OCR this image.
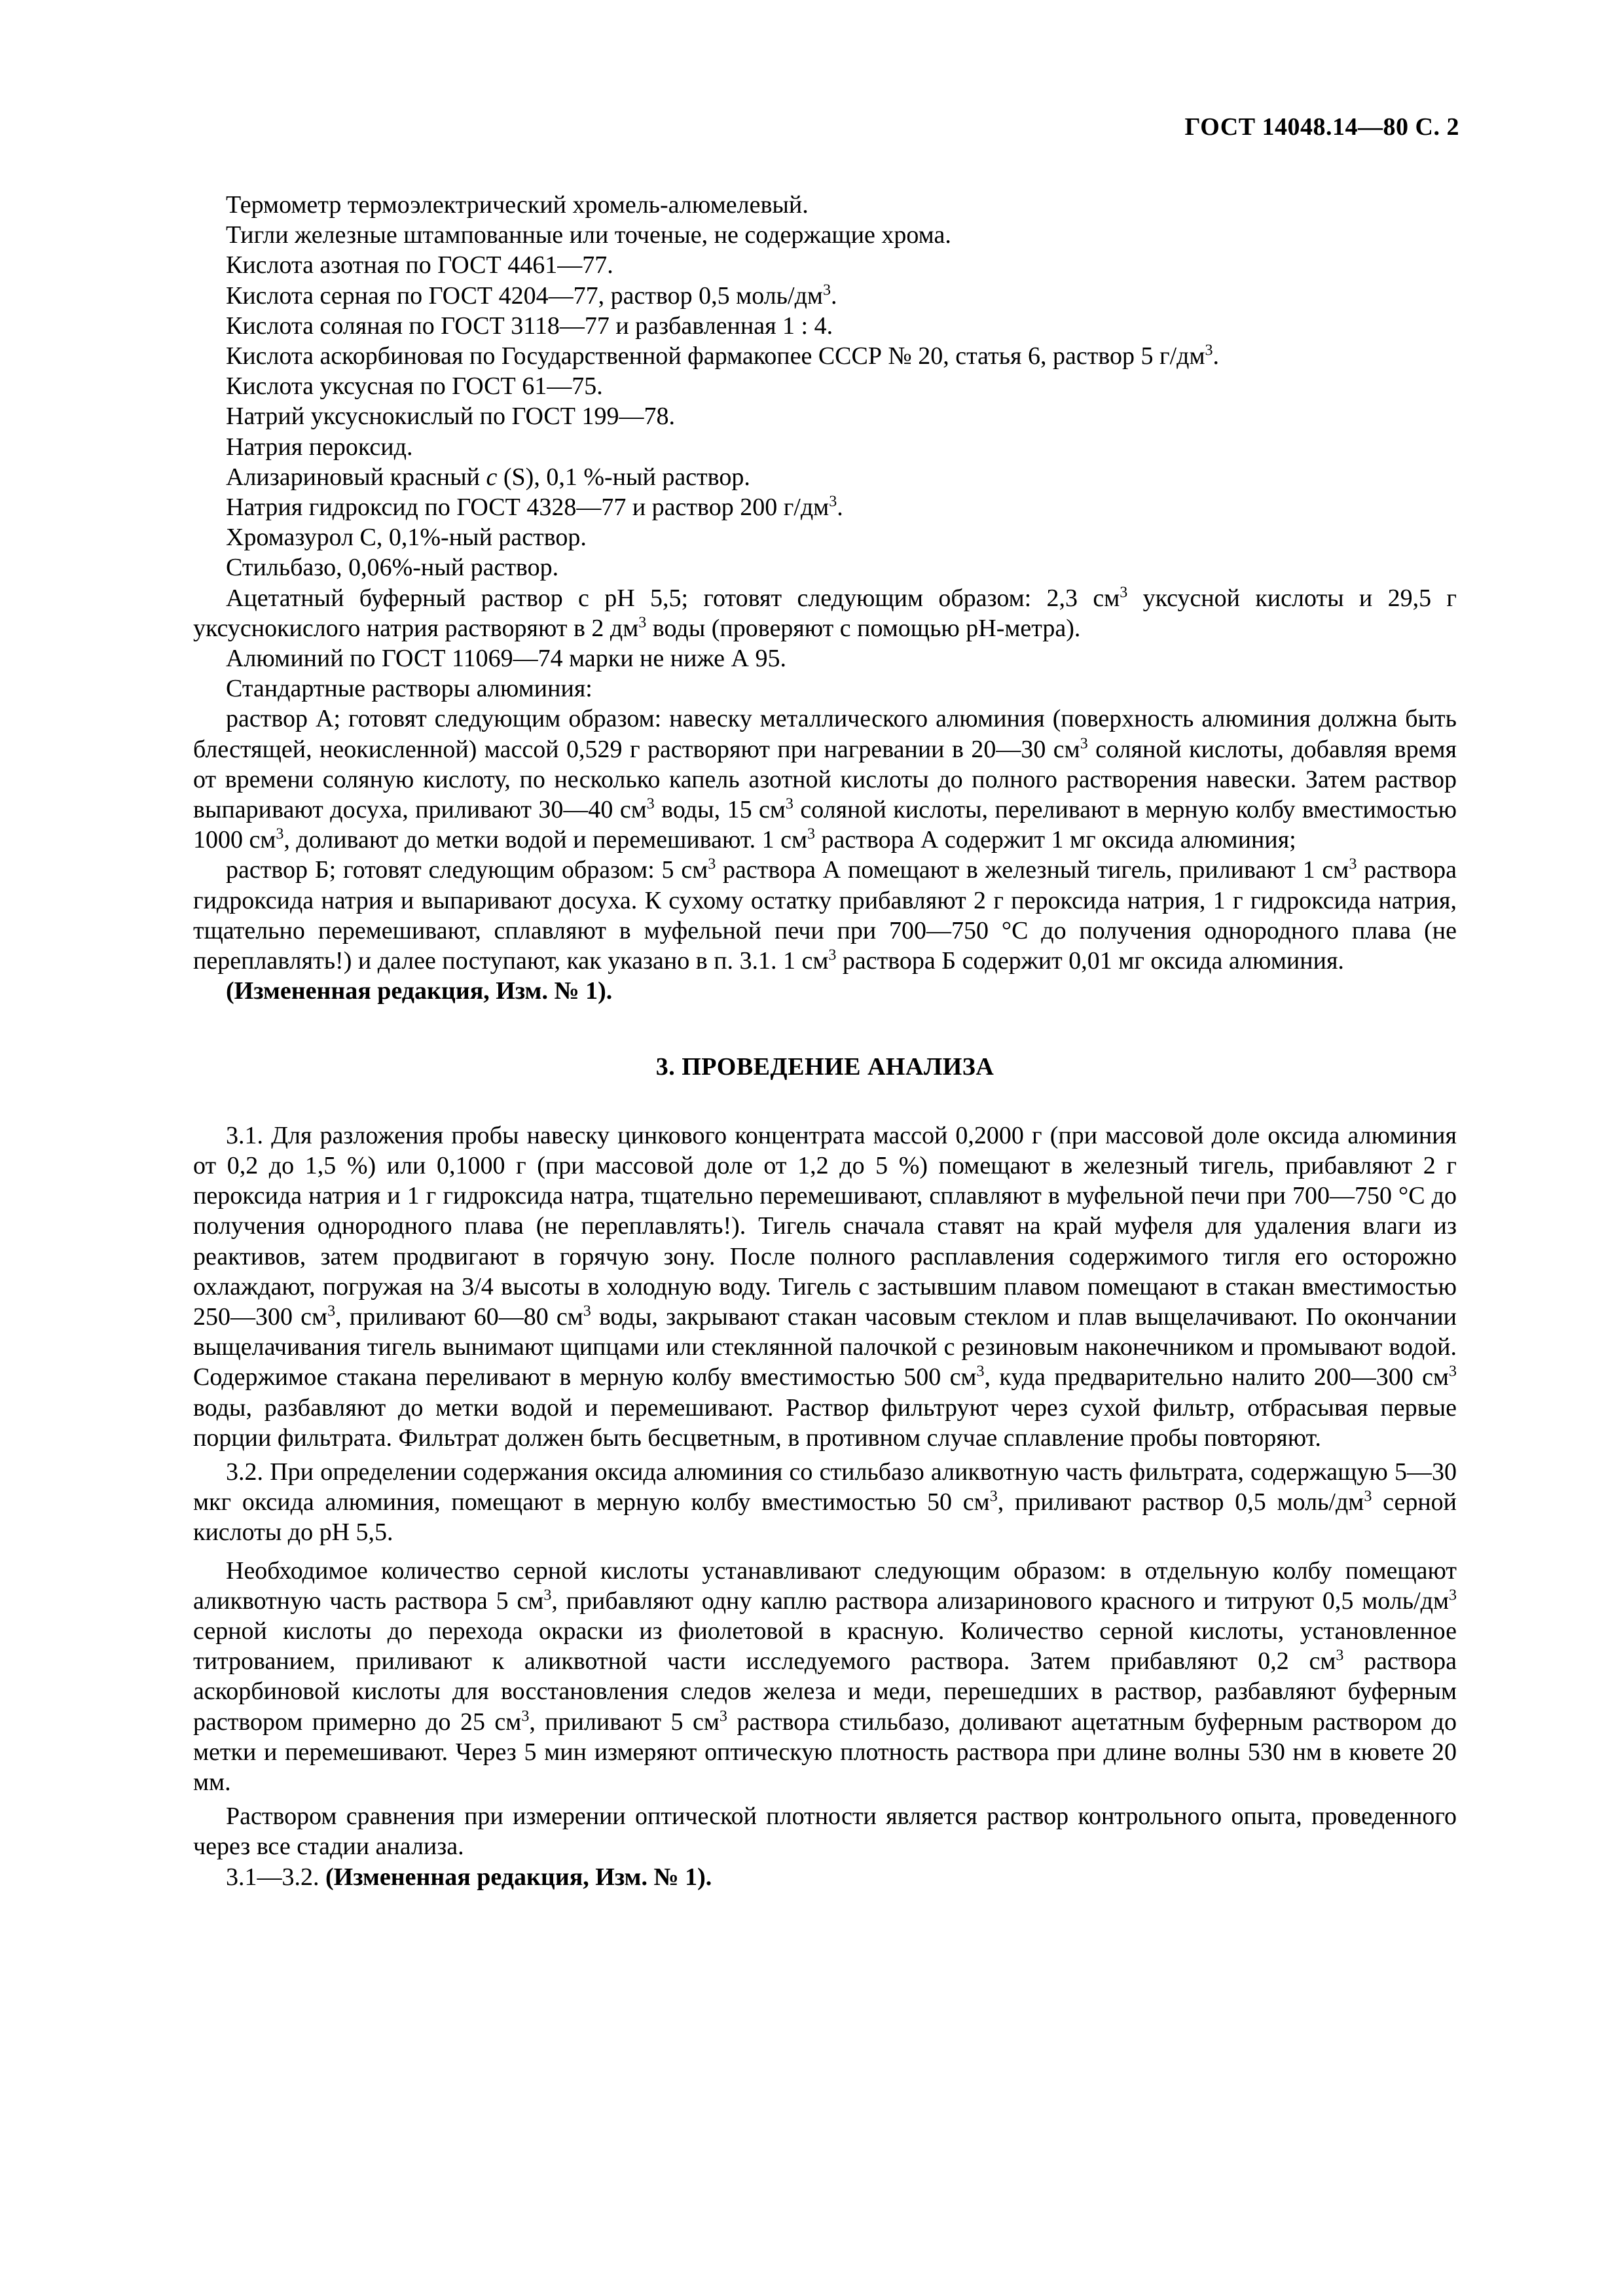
ГОСТ 14048.14—80 С. 2

Термометр термоэлектрический хромель-алюмелевый.

Тигли железные штампованные или точеные, не содержащие хрома.

Кислота азотная по ГОСТ 4461—77.

Кислота серная по ГОСТ 4204—77, раствор 0,5 моль/$дм^3$.

Кислота соляная по ГОСТ 3118—77 и разбавленная 1 : 4.

Кислота аскорбиновая по Государственной фармакопее СССР № 20, статья 6, раствор 5 $г/дм^3$.

Кислота уксусная по ГОСТ 61—75.

Натрий уксуснокислый по ГОСТ 199—78.

Натрия пероксид.

Ализариновый красный с (S), 0,1 %-ный раствор.

Натрия гидроксид по ГОСТ 4328—77 и раствор 200 $г/дм^3$.

Хромазурол С, 0,1%-ный раствор.

Стильбазо, 0,06%-ный раствор.

Ацетатный буферный раствор с pH 5,5; готовят следующим образом: 2,3 $см^3$ уксусной кислоты и 29,5 г уксуснокислого натрия растворяют в 2 $дм^3$ воды (проверяют с помощью pH-метра).

Алюминий по ГОСТ 11069—74 марки не ниже А 95.

Стандартные растворы алюминия:

раствор А; готовят следующим образом: навеску металлического алюминия (поверхность алюминия должна быть блестящей, неокисленной) массой 0,529 г растворяют при нагревании в 20—30 $см^3$ соляной кислоты, добавляя время от времени соляную кислоту, по несколько капель азотной кислоты до полного растворения навески. Затем раствор выпаривают досуха, приливают 30—40 $см^3$ воды, 15 $см^3$ соляной кислоты, переливают в мерную колбу вместимостью 1000 $см^3$, доливают до метки водой и перемешивают. 1 $см^3$ раствора А содержит 1 мг оксида алюминия;

раствор Б; готовят следующим образом: 5 $см^3$ раствора А помещают в железный тигель, приливают 1 $см^3$ раствора гидроксида натрия и выпаривают досуха. К сухому остатку прибавляют 2 г пероксида натрия, 1 г гидроксида натрия, тщательно перемешивают, сплавляют в муфельной печи при 700—750 °С до получения однородного плава (не переплавлять!) и далее поступают, как указано в п. 3.1. 1 $см^3$ раствора Б содержит 0,01 мг оксида алюминия.

(Измененная редакция, Изм. № 1).

3. ПРОВЕДЕНИЕ АНАЛИЗА

3.1. Для разложения пробы навеску цинкового концентрата массой 0,2000 г (при массовой доле оксида алюминия от 0,2 до 1,5 %) или 0,1000 г (при массовой доле от 1,2 до 5 %) помещают в железный тигель, прибавляют 2 г пероксида натрия и 1 г гидроксида натра, тщательно перемешивают, сплавляют в муфельной печи при 700—750 °С до получения однородного плава (не переплавлять!). Тигель сначала ставят на край муфеля для удаления влаги из реактивов, затем продвигают в горячую зону. После полного расплавления содержимого тигля его осторожно охлаждают, погружая на 3/4 высоты в холодную воду. Тигель с застывшим плавом помещают в стакан вместимостью 250—300 $см^3$, приливают 60—80 $см^3$ воды, закрывают стакан часовым стеклом и плав выщелачивают. По окончании выщелачивания тигель вынимают щипцами или стеклянной палочкой с резиновым наконечником и промывают водой. Содержимое стакана переливают в мерную колбу вместимостью 500 $см^3$, куда предварительно налито 200—300 $см^3$ воды, разбавляют до метки водой и перемешивают. Раствор фильтруют через сухой фильтр, отбрасывая первые порции фильтрата. Фильтрат должен быть бесцветным, в противном случае сплавление пробы повторяют.

3.2. При определении содержания оксида алюминия со стильбазо аликвотную часть фильтрата, содержащую 5—30 мкг оксида алюминия, помещают в мерную колбу вместимостью 50 $см^3$, приливают раствор 0,5 моль/$дм^3$ серной кислоты до pH 5,5.

Необходимое количество серной кислоты устанавливают следующим образом: в отдельную колбу помещают аликвотную часть раствора 5 $см^3$, прибавляют одну каплю раствора ализаринового красного и титруют 0,5 моль/$дм^3$ серной кислоты до перехода окраски из фиолетовой в красную. Количество серной кислоты, установленное титрованием, приливают к аликвотной части исследуемого раствора. Затем прибавляют 0,2 $см^3$ раствора аскорбиновой кислоты для восстановления следов железа и меди, перешедших в раствор, разбавляют буферным раствором примерно до 25 $см^3$, приливают 5 $см^3$ раствора стильбазо, доливают ацетатным буферным раствором до метки и перемешивают. Через 5 мин измеряют оптическую плотность раствора при длине волны 530 нм в кювете 20 мм.

Раствором сравнения при измерении оптической плотности является раствор контрольного опыта, проведенного через все стадии анализа.

3.1—3.2. (Измененная редакция, Изм. № 1).
